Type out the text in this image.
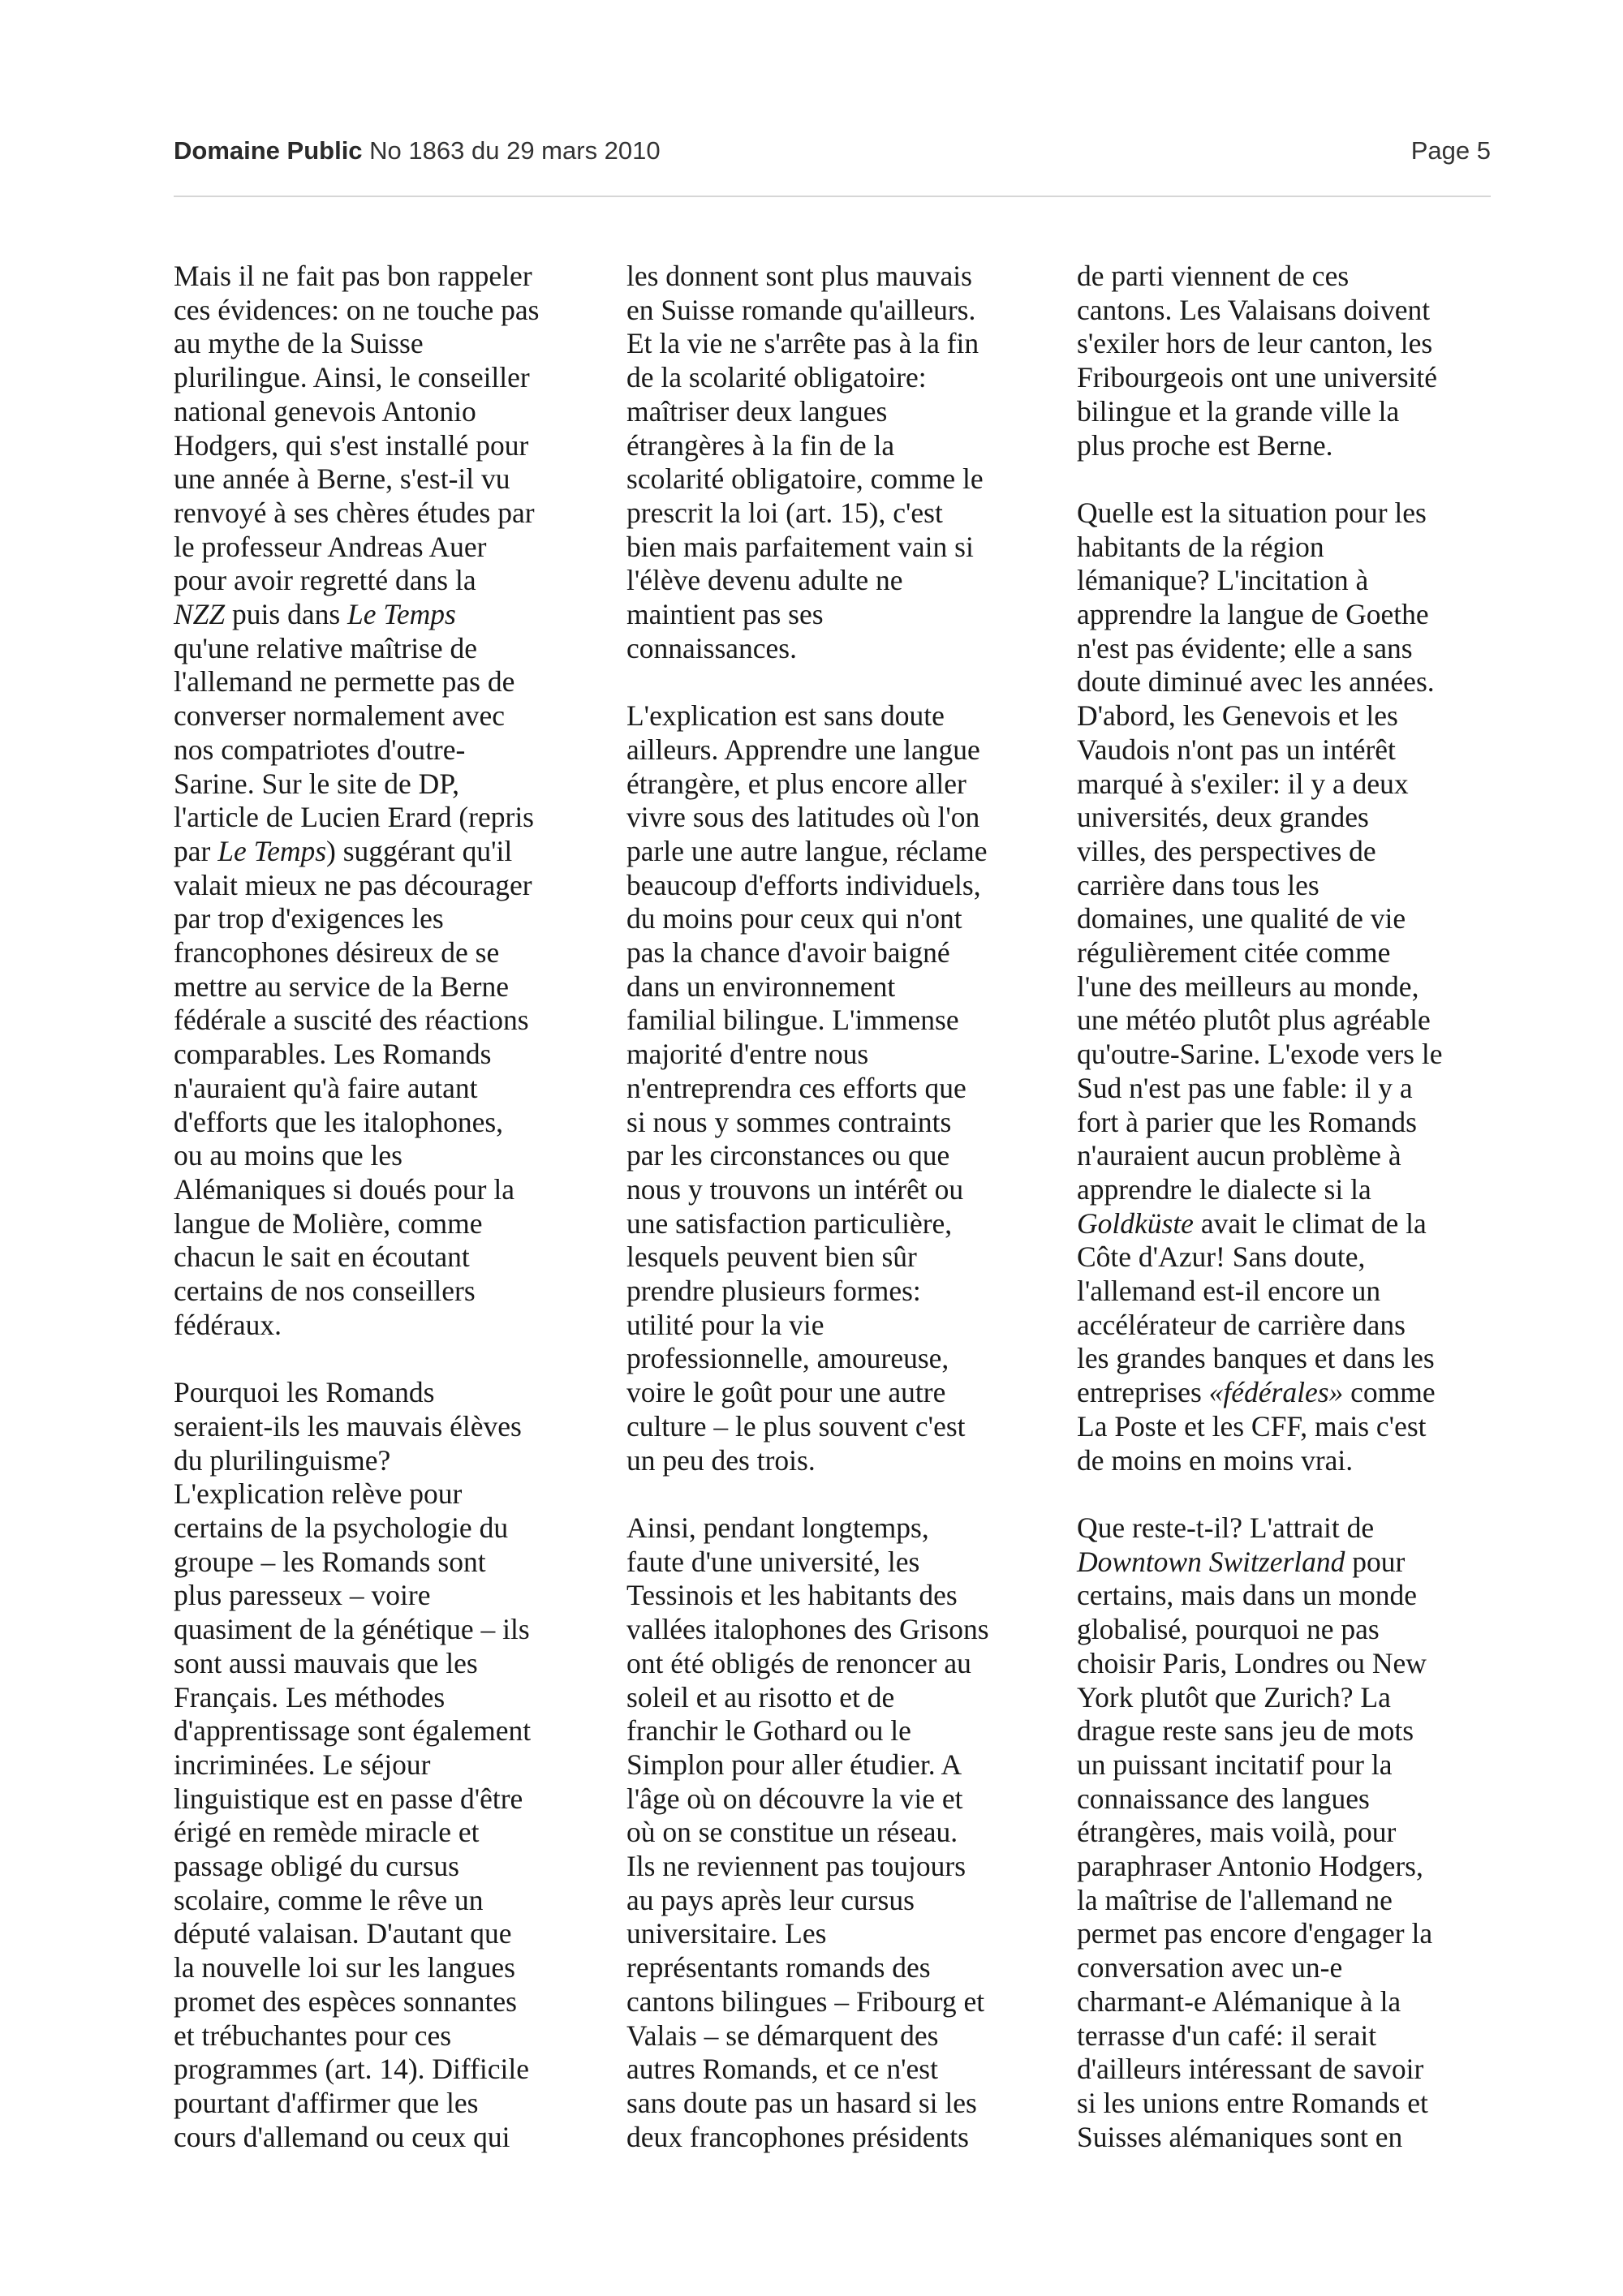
Domaine Public No 1863 du 29 mars 2010	Page 5
Mais il ne fait pas bon rappeler
ces évidences: on ne touche pas
au mythe de la Suisse
plurilingue. Ainsi, le conseiller
national genevois Antonio
Hodgers, qui s'est installé pour
une année à Berne, s'est-il vu
renvoyé à ses chères études par
le professeur Andreas Auer
pour avoir regretté dans la
NZZ puis dans Le Temps
qu'une relative maîtrise de
l'allemand ne permette pas de
converser normalement avec
nos compatriotes d'outre-
Sarine. Sur le site de DP,
l'article de Lucien Erard (repris
par Le Temps) suggérant qu'il
valait mieux ne pas décourager
par trop d'exigences les
francophones désireux de se
mettre au service de la Berne
fédérale a suscité des réactions
comparables. Les Romands
n'auraient qu'à faire autant
d'efforts que les italophones,
ou au moins que les
Alémaniques si doués pour la
langue de Molière, comme
chacun le sait en écoutant
certains de nos conseillers
fédéraux.
Pourquoi les Romands
seraient-ils les mauvais élèves
du plurilinguisme?
L'explication relève pour
certains de la psychologie du
groupe – les Romands sont
plus paresseux – voire
quasiment de la génétique – ils
sont aussi mauvais que les
Français. Les méthodes
d'apprentissage sont également
incriminées. Le séjour
linguistique est en passe d'être
érigé en remède miracle et
passage obligé du cursus
scolaire, comme le rêve un
député valaisan. D'autant que
la nouvelle loi sur les langues
promet des espèces sonnantes
et trébuchantes pour ces
programmes (art. 14). Difficile
pourtant d'affirmer que les
cours d'allemand ou ceux qui
les donnent sont plus mauvais
en Suisse romande qu'ailleurs.
Et la vie ne s'arrête pas à la fin
de la scolarité obligatoire:
maîtriser deux langues
étrangères à la fin de la
scolarité obligatoire, comme le
prescrit la loi (art. 15), c'est
bien mais parfaitement vain si
l'élève devenu adulte ne
maintient pas ses
connaissances.
L'explication est sans doute
ailleurs. Apprendre une langue
étrangère, et plus encore aller
vivre sous des latitudes où l'on
parle une autre langue, réclame
beaucoup d'efforts individuels,
du moins pour ceux qui n'ont
pas la chance d'avoir baigné
dans un environnement
familial bilingue. L'immense
majorité d'entre nous
n'entreprendra ces efforts que
si nous y sommes contraints
par les circonstances ou que
nous y trouvons un intérêt ou
une satisfaction particulière,
lesquels peuvent bien sûr
prendre plusieurs formes:
utilité pour la vie
professionnelle, amoureuse,
voire le goût pour une autre
culture – le plus souvent c'est
un peu des trois.
Ainsi, pendant longtemps,
faute d'une université, les
Tessinois et les habitants des
vallées italophones des Grisons
ont été obligés de renoncer au
soleil et au risotto et de
franchir le Gothard ou le
Simplon pour aller étudier. A
l'âge où on découvre la vie et
où on se constitue un réseau.
Ils ne reviennent pas toujours
au pays après leur cursus
universitaire. Les
représentants romands des
cantons bilingues – Fribourg et
Valais – se démarquent des
autres Romands, et ce n'est
sans doute pas un hasard si les
deux francophones présidents
de parti viennent de ces
cantons. Les Valaisans doivent
s'exiler hors de leur canton, les
Fribourgeois ont une université
bilingue et la grande ville la
plus proche est Berne.
Quelle est la situation pour les
habitants de la région
lémanique? L'incitation à
apprendre la langue de Goethe
n'est pas évidente; elle a sans
doute diminué avec les années.
D'abord, les Genevois et les
Vaudois n'ont pas un intérêt
marqué à s'exiler: il y a deux
universités, deux grandes
villes, des perspectives de
carrière dans tous les
domaines, une qualité de vie
régulièrement citée comme
l'une des meilleurs au monde,
une météo plutôt plus agréable
qu'outre-Sarine. L'exode vers le
Sud n'est pas une fable: il y a
fort à parier que les Romands
n'auraient aucun problème à
apprendre le dialecte si la
Goldküste avait le climat de la
Côte d'Azur! Sans doute,
l'allemand est-il encore un
accélérateur de carrière dans
les grandes banques et dans les
entreprises «fédérales» comme
La Poste et les CFF, mais c'est
de moins en moins vrai.
Que reste-t-il? L'attrait de
Downtown Switzerland pour
certains, mais dans un monde
globalisé, pourquoi ne pas
choisir Paris, Londres ou New
York plutôt que Zurich? La
drague reste sans jeu de mots
un puissant incitatif pour la
connaissance des langues
étrangères, mais voilà, pour
paraphraser Antonio Hodgers,
la maîtrise de l'allemand ne
permet pas encore d'engager la
conversation avec un-e
charmant-e Alémanique à la
terrasse d'un café: il serait
d'ailleurs intéressant de savoir
si les unions entre Romands et
Suisses alémaniques sont en
